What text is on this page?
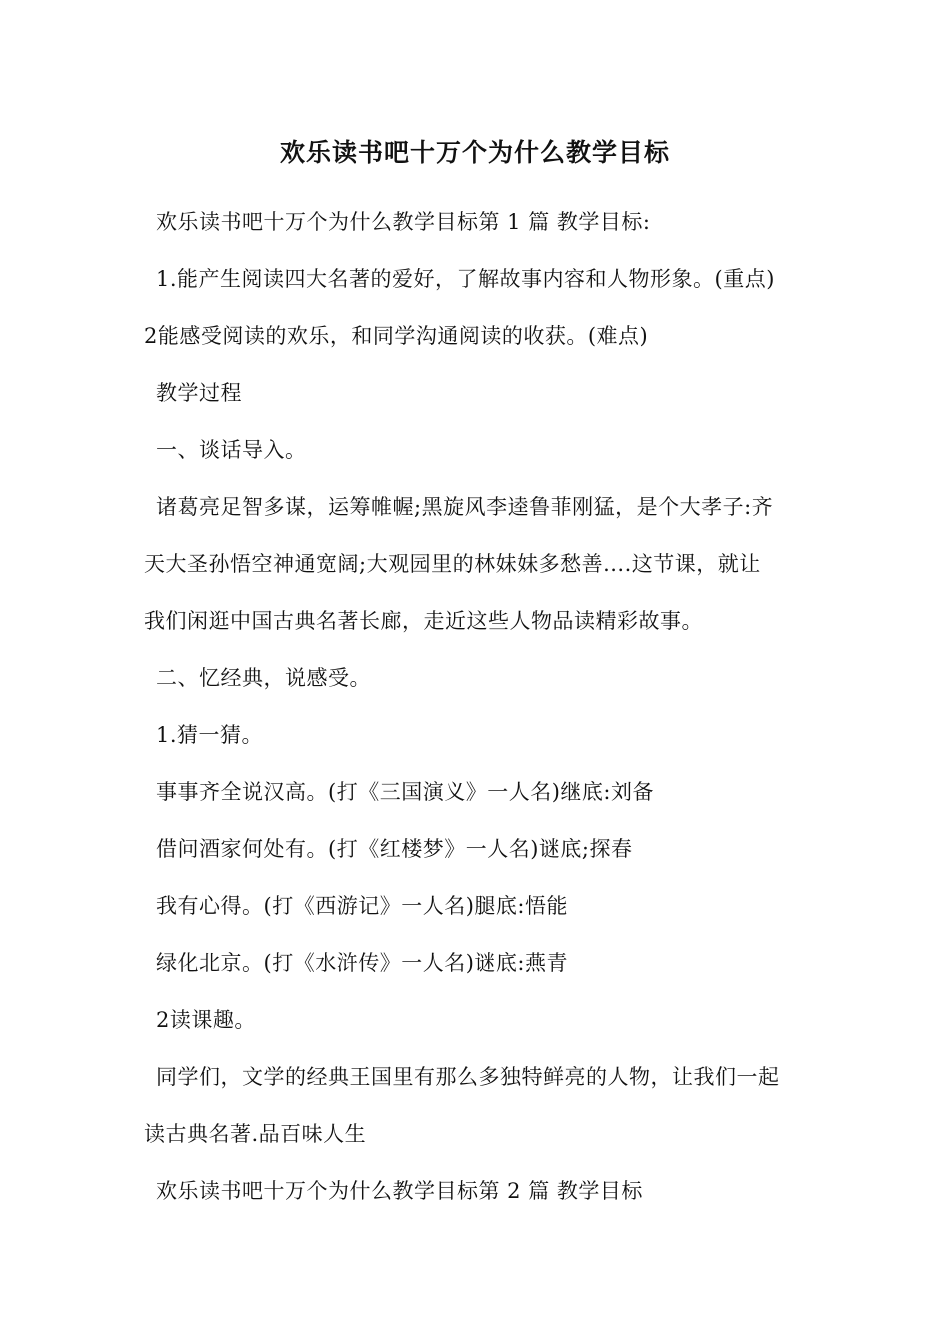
欢乐读书吧十万个为什么教学目标
欢乐读书吧十万个为什么教学目标第 1 篇 教学目标:
1.能产生阅读四大名著的爱好，了解故事内容和人物形象。(重点)
2能感受阅读的欢乐，和同学沟通阅读的收获。(难点)
教学过程
一、谈话导入。
诸葛亮足智多谋，运筹帷幄;黑旋风李逵鲁菲刚猛，是个大孝子:齐
天大圣孙悟空神通宽阔;大观园里的林妹妹多愁善....这节课，就让
我们闲逛中国古典名著长廊，走近这些人物品读精彩故事。
二、忆经典，说感受。
1.猜一猜。
事事齐全说汉高。(打《三国演义》一人名)继底:刘备
借问酒家何处有。(打《红楼梦》一人名)谜底;探春
我有心得。(打《西游记》一人名)腿底:悟能
绿化北京。(打《水浒传》一人名)谜底:燕青
2读课趣。
同学们，文学的经典王国里有那么多独特鲜亮的人物，让我们一起
读古典名著.品百味人生
欢乐读书吧十万个为什么教学目标第 2 篇 教学目标
